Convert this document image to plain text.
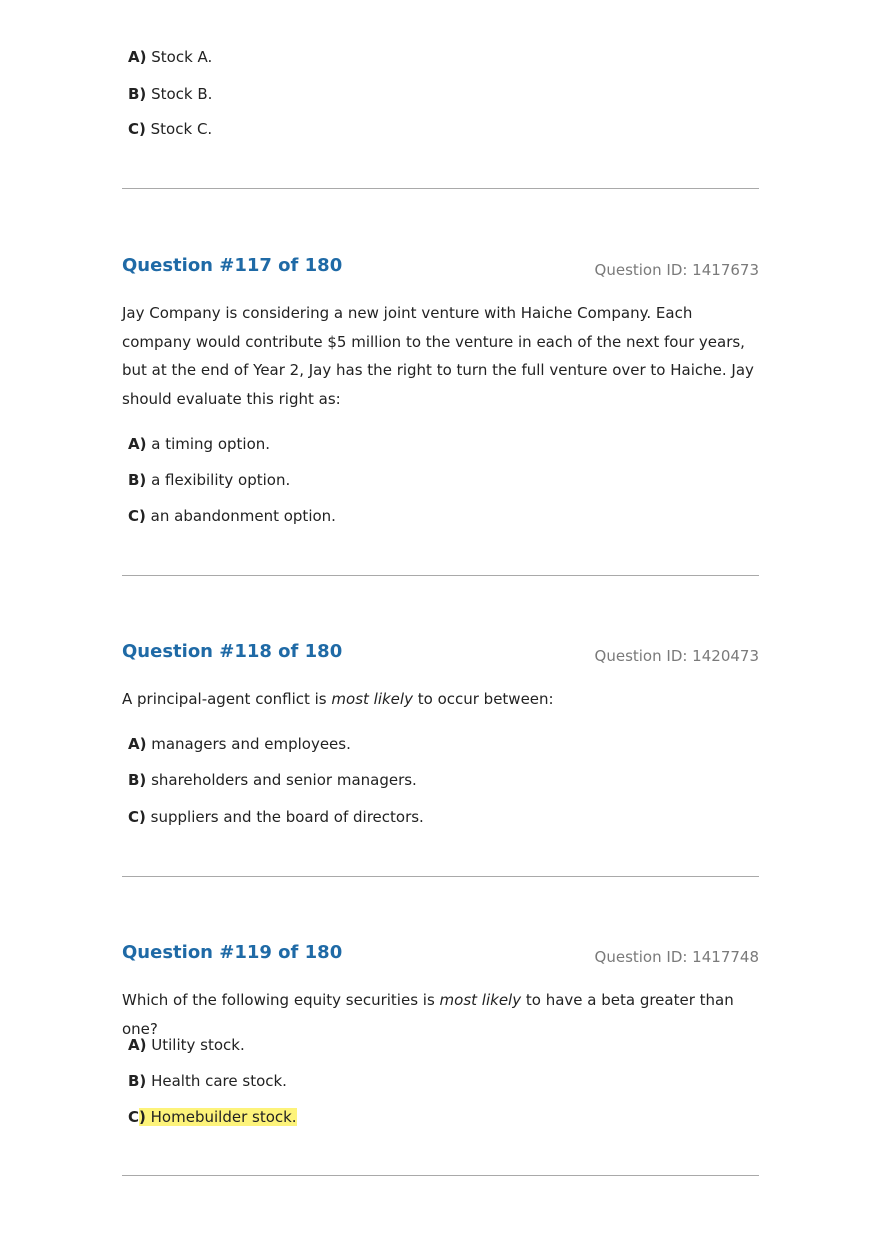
A) Stock A.
B) Stock B.
C) Stock C.
Question #117 of 180	Question ID: 1417673
Jay Company is considering a new joint venture with Haiche Company. Each company would contribute $5 million to the venture in each of the next four years, but at the end of Year 2, Jay has the right to turn the full venture over to Haiche. Jay should evaluate this right as:
A) a timing option.
B) a flexibility option.
C) an abandonment option.
Question #118 of 180	Question ID: 1420473
A principal-agent conflict is most likely to occur between:
A) managers and employees.
B) shareholders and senior managers.
C) suppliers and the board of directors.
Question #119 of 180	Question ID: 1417748
Which of the following equity securities is most likely to have a beta greater than one?
A) Utility stock.
B) Health care stock.
C) Homebuilder stock.
